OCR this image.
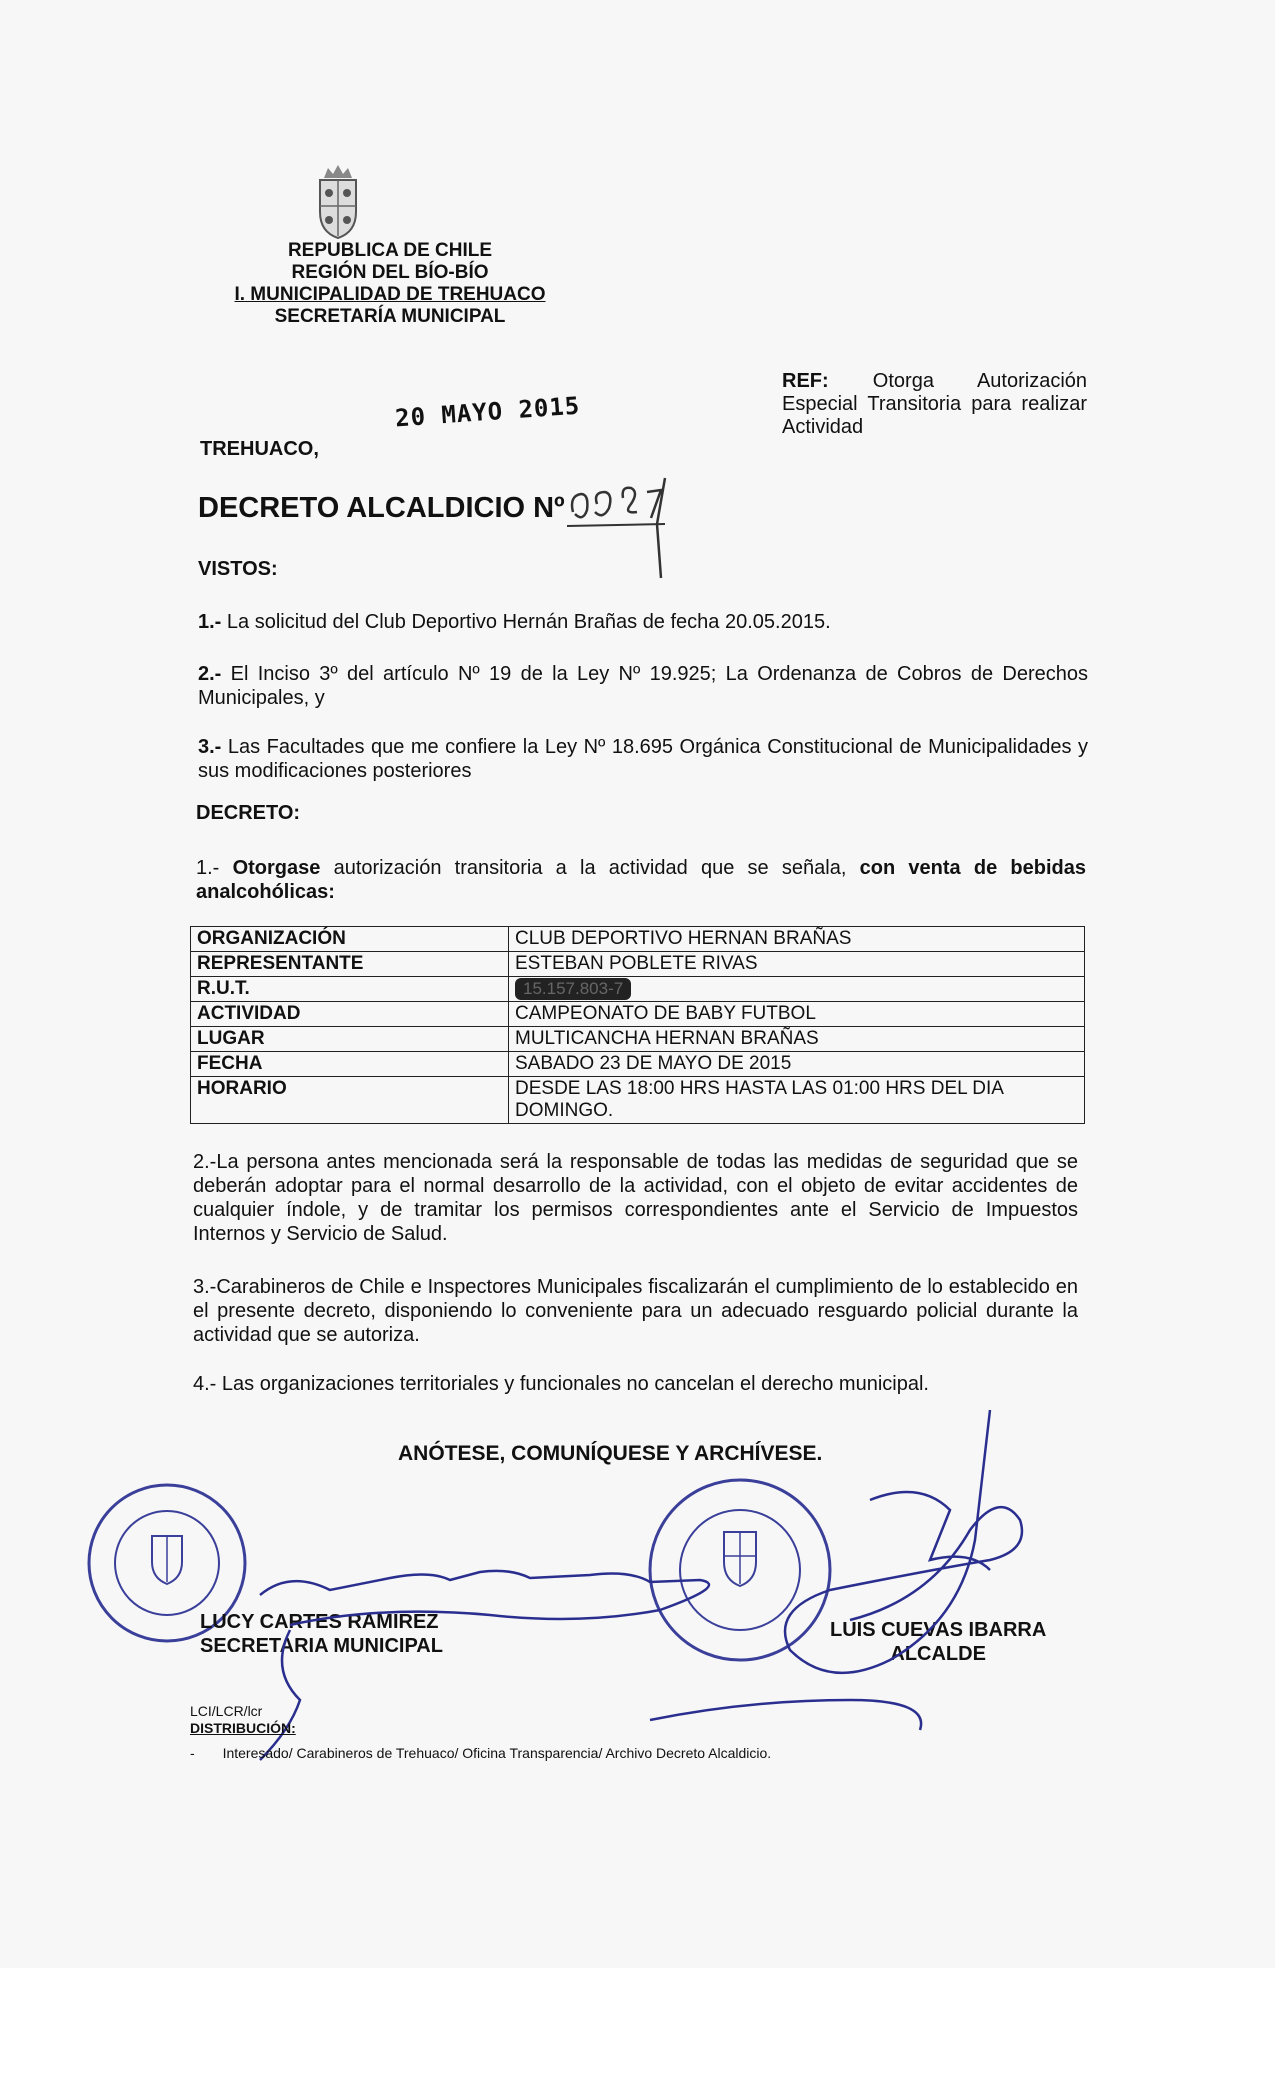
REPUBLICA DE CHILE
REGIÓN DEL BÍO-BÍO
I. MUNICIPALIDAD DE TREHUACO
SECRETARÍA MUNICIPAL
REF: Otorga Autorización Especial Transitoria para realizar Actividad
20 MAYO 2015
TREHUACO,
DECRETO ALCALDICIO Nº
VISTOS:
1.- La solicitud del Club Deportivo Hernán Brañas de fecha 20.05.2015.
2.- El Inciso 3º del artículo Nº 19 de la Ley Nº 19.925; La Ordenanza de Cobros de Derechos Municipales, y
3.- Las Facultades que me confiere la Ley Nº 18.695 Orgánica Constitucional de Municipalidades y sus modificaciones posteriores
DECRETO:
1.- Otorgase autorización transitoria a la actividad que se señala, con venta de bebidas analcohólicas:
ORGANIZACIÓN	CLUB DEPORTIVO HERNAN BRAÑAS
REPRESENTANTE	ESTEBAN POBLETE RIVAS
R.U.T.	15.157.803-7
ACTIVIDAD	CAMPEONATO DE BABY FUTBOL
LUGAR	MULTICANCHA HERNAN BRAÑAS
FECHA	SABADO 23 DE MAYO DE 2015
HORARIO	DESDE LAS 18:00 HRS HASTA LAS 01:00 HRS DEL DIA DOMINGO.
2.-La persona antes mencionada será la responsable de todas las medidas de seguridad que se deberán adoptar para el normal desarrollo de la actividad, con el objeto de evitar accidentes de cualquier índole, y de tramitar los permisos correspondientes ante el Servicio de Impuestos Internos y Servicio de Salud.
3.-Carabineros de Chile e Inspectores Municipales fiscalizarán el cumplimiento de lo establecido en el presente decreto, disponiendo lo conveniente para un adecuado resguardo policial durante la actividad que se autoriza.
4.- Las organizaciones territoriales y funcionales no cancelan el derecho municipal.
ANÓTESE, COMUNÍQUESE Y ARCHÍVESE.
LUCY CARTES RAMIREZ
SECRETARIA MUNICIPAL
LUIS CUEVAS IBARRA
ALCALDE
LCI/LCR/lcr
DISTRIBUCIÓN:
- Interesado/ Carabineros de Trehuaco/ Oficina Transparencia/ Archivo Decreto Alcaldicio.
